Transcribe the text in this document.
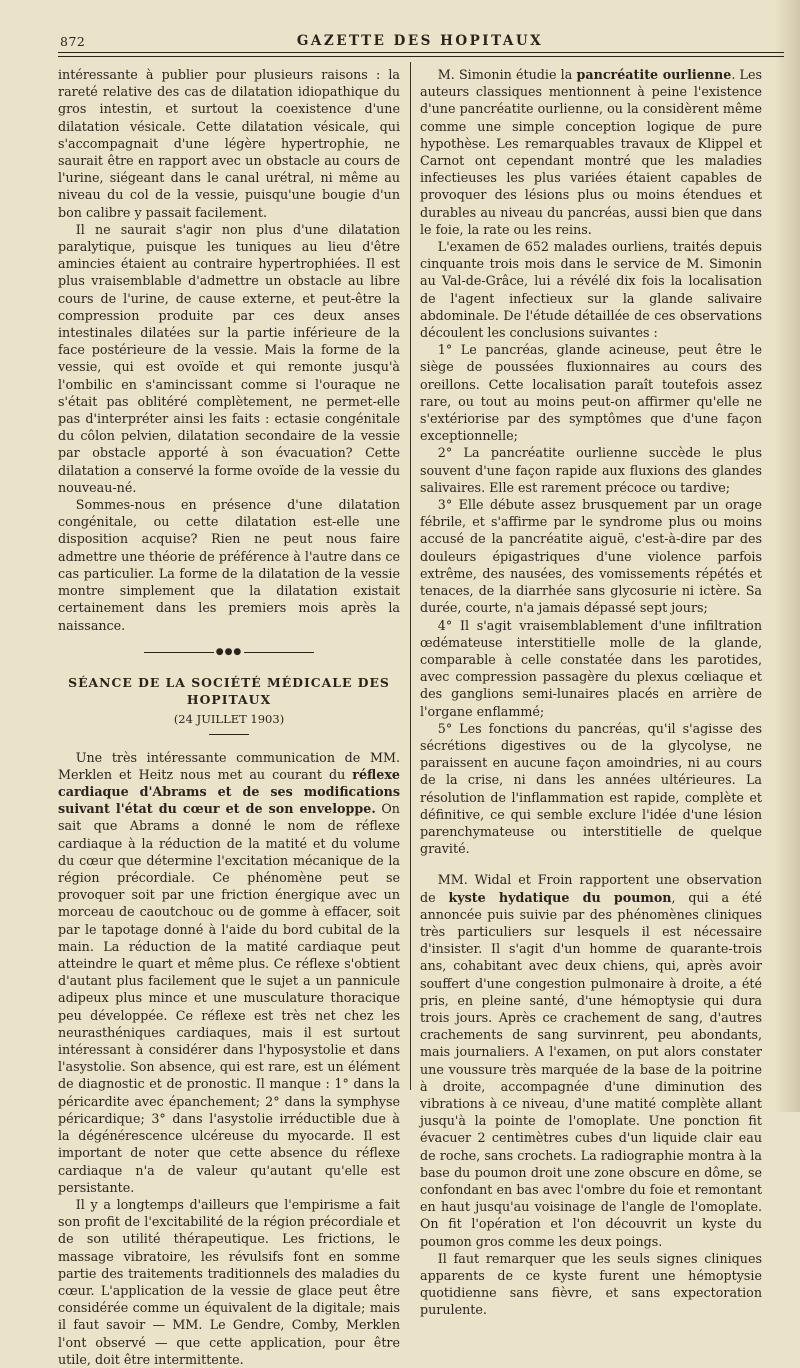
872	GAZETTE DES HOPITAUX

intéressante à publier pour plusieurs raisons : la rareté relative des cas de dilatation idiopathique du gros intestin, et surtout la coexistence d'une dilatation vésicale. Cette dilatation vésicale, qui s'accompagnait d'une légère hypertrophie, ne saurait être en rapport avec un obstacle au cours de l'urine, siégeant dans le canal urétral, ni même au niveau du col de la vessie, puisqu'une bougie d'un bon calibre y passait facilement.

Il ne saurait s'agir non plus d'une dilatation paralytique, puisque les tuniques au lieu d'être amincies étaient au contraire hypertrophiées. Il est plus vraisemblable d'admettre un obstacle au libre cours de l'urine, de cause externe, et peut-être la compression produite par ces deux anses intestinales dilatées sur la partie inférieure de la face postérieure de la vessie. Mais la forme de la vessie, qui est ovoïde et qui remonte jusqu'à l'ombilic en s'amincissant comme si l'ouraque ne s'était pas oblitéré complètement, ne permet-elle pas d'interpréter ainsi les faits : ectasie congénitale du côlon pelvien, dilatation secondaire de la vessie par obstacle apporté à son évacuation? Cette dilatation a conservé la forme ovoïde de la vessie du nouveau-né.

Sommes-nous en présence d'une dilatation congénitale, ou cette dilatation est-elle une disposition acquise? Rien ne peut nous faire admettre une théorie de préférence à l'autre dans ce cas particulier. La forme de la dilatation de la vessie montre simplement que la dilatation existait certainement dans les premiers mois après la naissance.

●●●
SÉANCE DE LA SOCIÉTÉ MÉDICALE DES HOPITAUX
(24 JUILLET 1903)

Une très intéressante communication de MM. Merklen et Heitz nous met au courant du réflexe cardiaque d'Abrams et de ses modifications suivant l'état du cœur et de son enveloppe. On sait que Abrams a donné le nom de réflexe cardiaque à la réduction de la matité et du volume du cœur que détermine l'excitation mécanique de la région précordiale. Ce phénomène peut se provoquer soit par une friction énergique avec un morceau de caoutchouc ou de gomme à effacer, soit par le tapotage donné à l'aide du bord cubital de la main. La réduction de la matité cardiaque peut atteindre le quart et même plus. Ce réflexe s'obtient d'autant plus facilement que le sujet a un pannicule adipeux plus mince et une musculature thoracique peu développée. Ce réflexe est très net chez les neurasthéniques cardiaques, mais il est surtout intéressant à considérer dans l'hyposystolie et dans l'asystolie. Son absence, qui est rare, est un élément de diagnostic et de pronostic. Il manque : 1° dans la péricardite avec épanchement; 2° dans la symphyse péricardique; 3° dans l'asystolie irréductible due à la dégénérescence ulcéreuse du myocarde. Il est important de noter que cette absence du réflexe cardiaque n'a de valeur qu'autant qu'elle est persistante.

Il y a longtemps d'ailleurs que l'empirisme a fait son profit de l'excitabilité de la région précordiale et de son utilité thérapeutique. Les frictions, le massage vibratoire, les révulsifs font en somme partie des traitements traditionnels des maladies du cœur. L'application de la vessie de glace peut être considérée comme un équivalent de la digitale; mais il faut savoir — MM. Le Gendre, Comby, Merklen l'ont observé — que cette application, pour être utile, doit être intermittente.

M. Simonin étudie la pancréatite ourlienne. Les auteurs classiques mentionnent à peine l'existence d'une pancréatite ourlienne, ou la considèrent même comme une simple conception logique de pure hypothèse. Les remarquables travaux de Klippel et Carnot ont cependant montré que les maladies infectieuses les plus variées étaient capables de provoquer des lésions plus ou moins étendues et durables au niveau du pancréas, aussi bien que dans le foie, la rate ou les reins.

L'examen de 652 malades ourliens, traités depuis cinquante trois mois dans le service de M. Simonin au Val-de-Grâce, lui a révélé dix fois la localisation de l'agent infectieux sur la glande salivaire abdominale. De l'étude détaillée de ces observations découlent les conclusions suivantes :

1° Le pancréas, glande acineuse, peut être le siège de poussées fluxionnaires au cours des oreillons. Cette localisation paraît toutefois assez rare, ou tout au moins peut-on affirmer qu'elle ne s'extériorise par des symptômes que d'une façon exceptionnelle;

2° La pancréatite ourlienne succède le plus souvent d'une façon rapide aux fluxions des glandes salivaires. Elle est rarement précoce ou tardive;

3° Elle débute assez brusquement par un orage fébrile, et s'affirme par le syndrome plus ou moins accusé de la pancréatite aiguë, c'est-à-dire par des douleurs épigastriques d'une violence parfois extrême, des nausées, des vomissements répétés et tenaces, de la diarrhée sans glycosurie ni ictère. Sa durée, courte, n'a jamais dépassé sept jours;

4° Il s'agit vraisemblablement d'une infiltration œdémateuse interstitielle molle de la glande, comparable à celle constatée dans les parotides, avec compression passagère du plexus cœliaque et des ganglions semi-lunaires placés en arrière de l'organe enflammé;

5° Les fonctions du pancréas, qu'il s'agisse des sécrétions digestives ou de la glycolyse, ne paraissent en aucune façon amoindries, ni au cours de la crise, ni dans les années ultérieures. La résolution de l'inflammation est rapide, complète et définitive, ce qui semble exclure l'idée d'une lésion parenchymateuse ou interstitielle de quelque gravité.

MM. Widal et Froin rapportent une observation de kyste hydatique du poumon, qui a été annoncée puis suivie par des phénomènes cliniques très particuliers sur lesquels il est nécessaire d'insister. Il s'agit d'un homme de quarante-trois ans, cohabitant avec deux chiens, qui, après avoir souffert d'une congestion pulmonaire à droite, a été pris, en pleine santé, d'une hémoptysie qui dura trois jours. Après ce crachement de sang, d'autres crachements de sang survinrent, peu abondants, mais journaliers. A l'examen, on put alors constater une voussure très marquée de la base de la poitrine à droite, accompagnée d'une diminution des vibrations à ce niveau, d'une matité complète allant jusqu'à la pointe de l'omoplate. Une ponction fit évacuer 2 centimètres cubes d'un liquide clair eau de roche, sans crochets. La radiographie montra à la base du poumon droit une zone obscure en dôme, se confondant en bas avec l'ombre du foie et remontant en haut jusqu'au voisinage de l'angle de l'omoplate. On fit l'opération et l'on découvrit un kyste du poumon gros comme les deux poings.

Il faut remarquer que les seuls signes cliniques apparents de ce kyste furent une hémoptysie quotidienne sans fièvre, et sans expectoration purulente.
